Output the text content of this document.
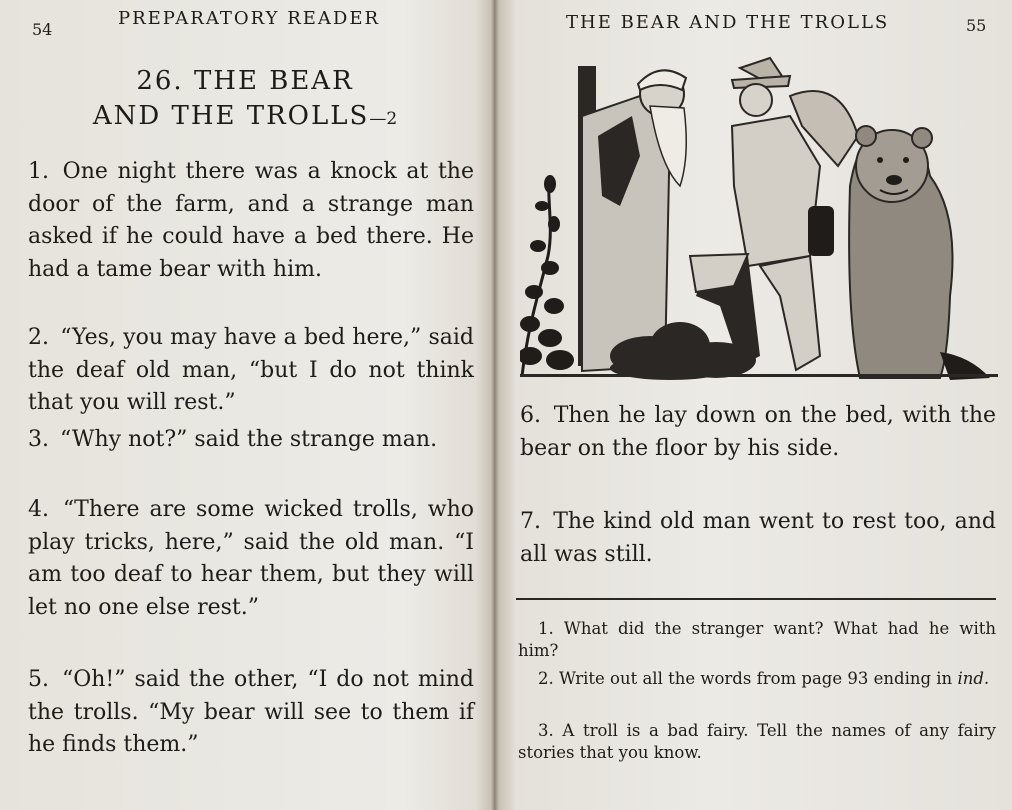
54
PREPARATORY READER
26. THE BEAR
AND THE TROLLS—2
1. One night there was a knock at the door of the farm, and a strange man asked if he could have a bed there. He had a tame bear with him.
2. “Yes, you may have a bed here,” said the deaf old man, “but I do not think that you will rest.”
3. “Why not?” said the strange man.
4. “There are some wicked trolls, who play tricks, here,” said the old man. “I am too deaf to hear them, but they will let no one else rest.”
5. “Oh!” said the other, “I do not mind the trolls. “My bear will see to them if he finds them.”
THE BEAR AND THE TROLLS	55
6. Then he lay down on the bed, with the bear on the floor by his side.
7. The kind old man went to rest too, and all was still.
1. What did the stranger want? What had he with him?
2. Write out all the words from page 93 ending in ind.
3. A troll is a bad fairy. Tell the names of any fairy stories that you know.
